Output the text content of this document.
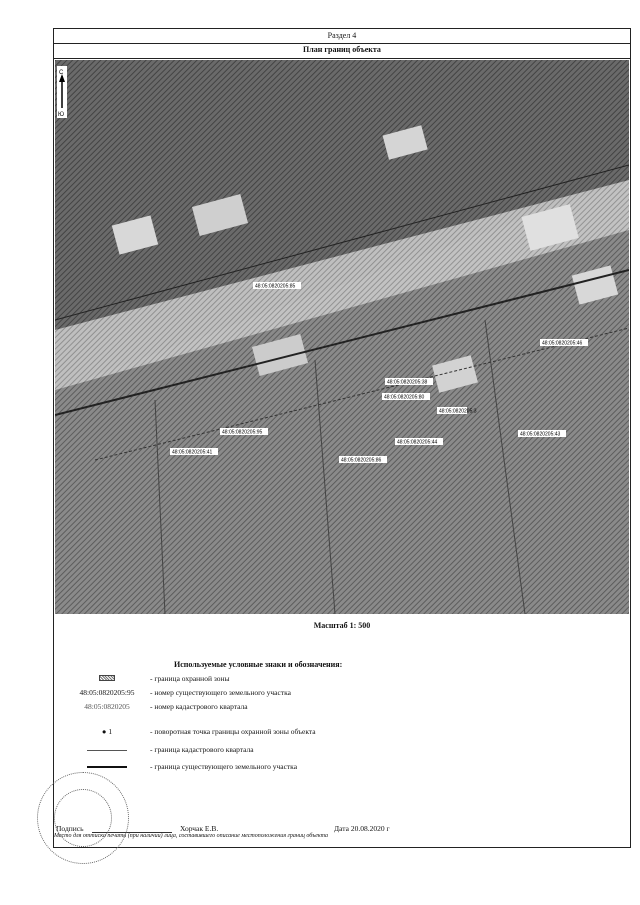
Раздел 4
План границ объекта
48:05:0820205:85
48:05:0820205:46
48:05:0820205:80
48:05:0820205:3
48:05:0820205:43
48:05:0820205:95
48:05:0820205:44
48:05:0820205:41
48:05:0820205:86
48:05:0820205:38
С
Ю
Масштаб 1: 500
Используемые условные знаки и обозначения:
- граница охранной зоны
48:05:0820205:95	- номер существующего земельного участка
48:05:0820205	- номер кадастрового квартала
● 1	- поворотная точка границы охранной зоны объекта
- граница кадастрового квартала
- граница существующего земельного участка
Подпись	Хорчак Е.В.	Дата 20.08.2020 г
Место для оттиска печати (при наличии) лица, составившего описание местоположения границ объекта
